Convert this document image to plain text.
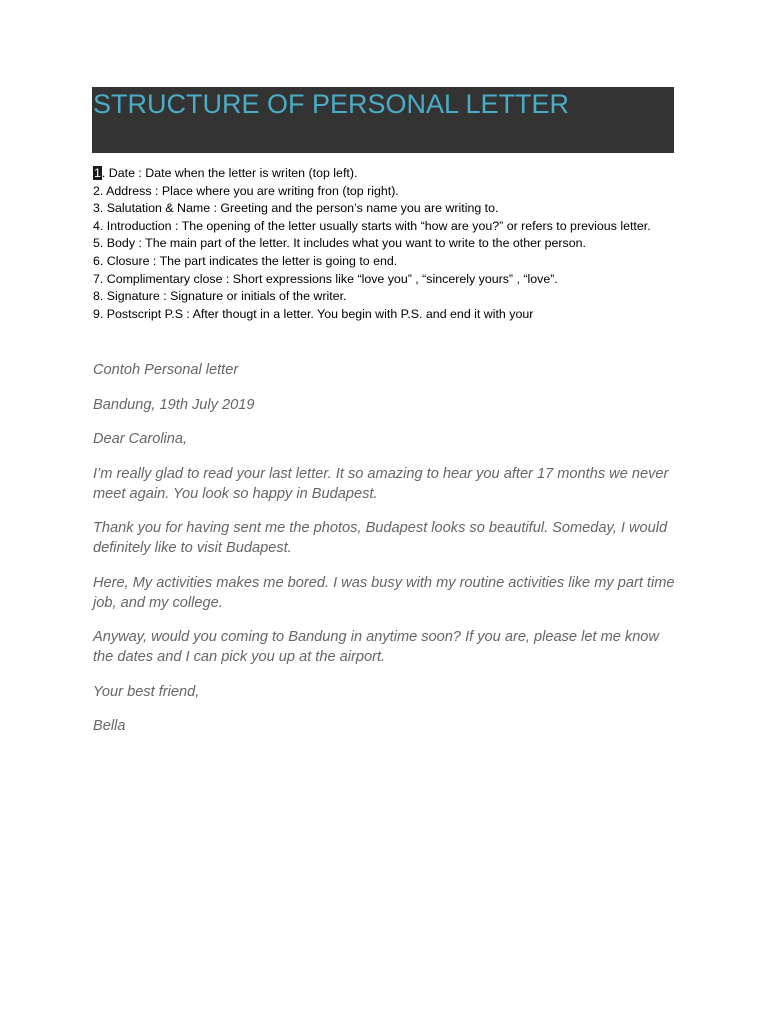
STRUCTURE OF PERSONAL LETTER
1. Date : Date when the letter is writen (top left).
2. Address : Place where you are writing fron (top right).
3. Salutation & Name : Greeting and the person’s name you are writing to.
4. Introduction : The opening of the letter usually starts with “how are you?” or refers to previous letter.
5. Body : The main part of the letter. It includes what you want to write to the other person.
6. Closure : The part indicates the letter is going to end.
7. Complimentary close : Short expressions like “love you” , “sincerely yours” , “love”.
8. Signature : Signature or initials of the writer.
9. Postscript P.S : After thougt in a letter. You begin with P.S. and end it with your

Contoh Personal letter

Bandung, 19th July 2019

Dear Carolina,

I’m really glad to read your last letter. It so amazing to hear you after 17 months we never meet again. You look so happy in Budapest.

Thank you for having sent me the photos, Budapest looks so beautiful. Someday, I would definitely like to visit Budapest.

Here, My activities makes me bored. I was busy with my routine activities like my part time job, and my college.

Anyway, would you coming to Bandung in anytime soon? If you are, please let me know the dates and I can pick you up at the airport.

Your best friend,

Bella
